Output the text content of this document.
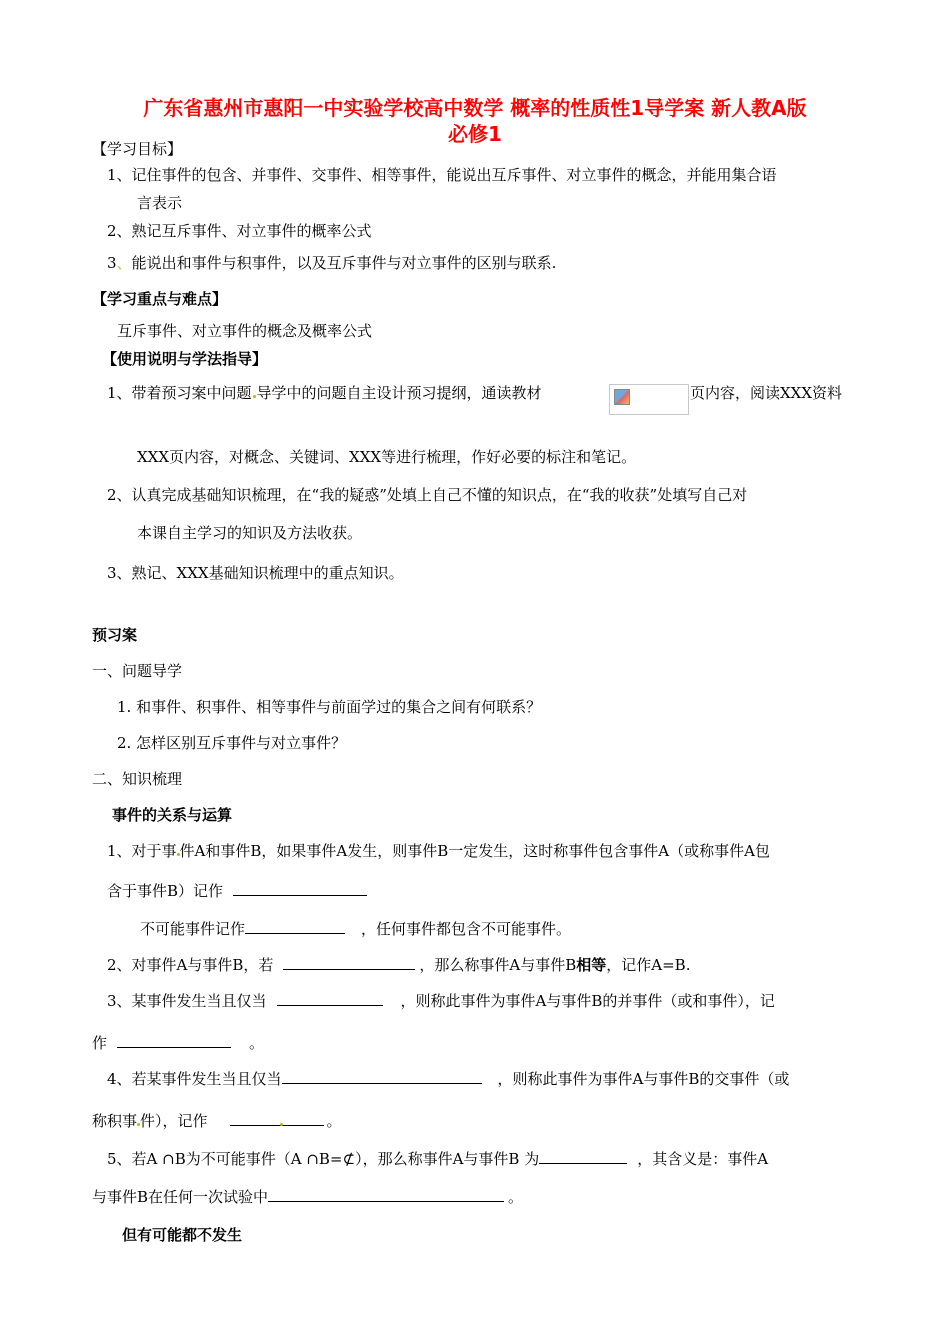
广东省惠州市惠阳一中实验学校高中数学 概率的性质性1导学案 新人教A版
必修1
【学习目标】
1、记住事件的包含、并事件、交事件、相等事件，能说出互斥事件、对立事件的概念，并能用集合语
言表示
2、熟记互斥事件、对立事件的概率公式
3、能说出和事件与积事件，以及互斥事件与对立事件的区别与联系.
【学习重点与难点】
互斥事件、对立事件的概念及概率公式
【使用说明与学法指导】
1、带着预习案中问题 导学中的问题自主设计预习提纲，通读教材	页内容，阅读XXX资料
XXX页内容，对概念、关键词、XXX等进行梳理，作好必要的标注和笔记。
2、认真完成基础知识梳理，在“我的疑惑”处填上自己不懂的知识点，在“我的收获”处填写自己对
本课自主学习的知识及方法收获。
3、熟记、XXX基础知识梳理中的重点知识。
预习案
一、问题导学
1. 和事件、积事件、相等事件与前面学过的集合之间有何联系？
2. 怎样区别互斥事件与对立事件？
二、知识梳理
事件的关系与运算
1、对于事 件A和事件B，如果事件A发生，则事件B一定发生，这时称事件包含事件A（或称事件A包
含于事件B）记作
不可能事件记作	，任何事件都包含不可能事件。
2、对事件A与事件B，若	，那么称事件A与事件B相等，记作A=B.
3、某事件发生当且仅当	，则称此事件为事件A与事件B的并事件（或和事件），记
作	。
4、若某事件发生当且仅当	，则称此事件为事件A与事件B的交事件（或
称积事 件），记作	。
5、若A ∩B为不可能事件（A ∩B=⊄），那么称事件A与事件B 为	，其含义是：事件A
与事件B在任何一次试验中	。
但有可能都不发生
